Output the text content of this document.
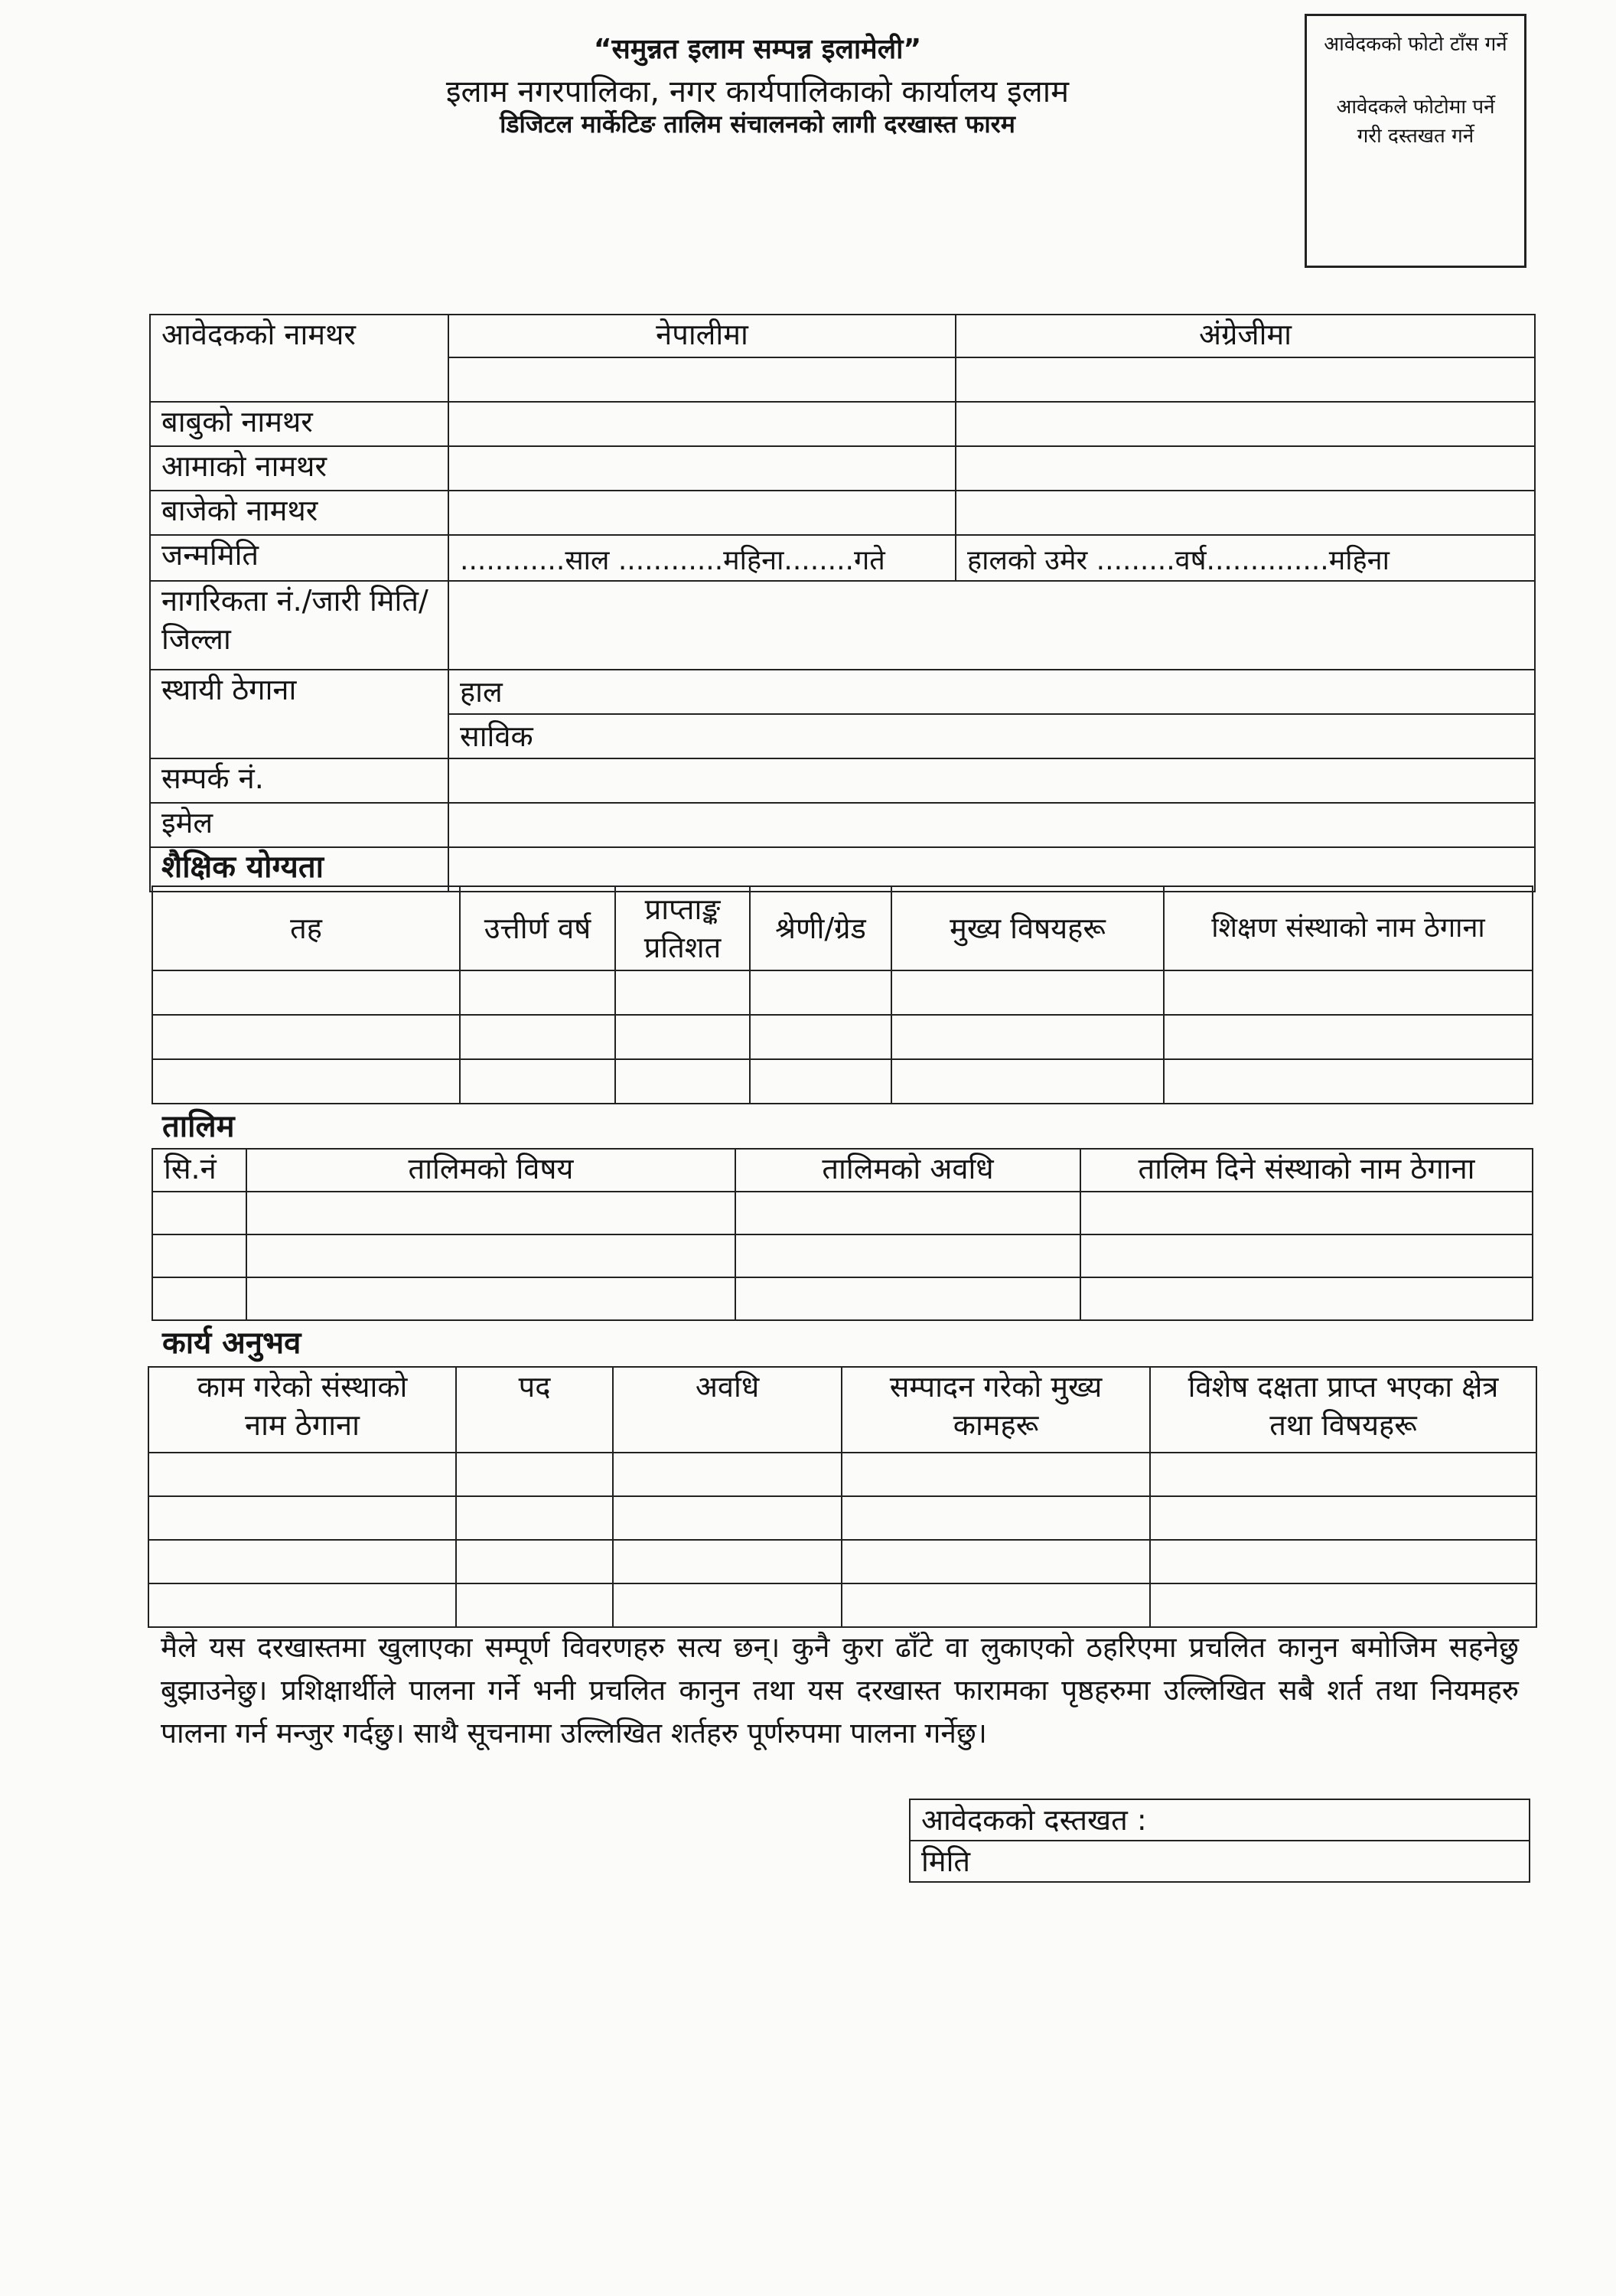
“समुन्नत इलाम सम्पन्न इलामेली”
इलाम नगरपालिका, नगर कार्यपालिकाको कार्यालय इलाम
डिजिटल मार्केटिङ तालिम संचालनको लागी दरखास्त फारम
आवेदकको फोटो टाँस गर्ने
आवेदकले फोटोमा पर्ने गरी दस्तखत गर्ने
आवेदकको नामथर	नेपालीमा	अंग्रेजीमा

बाबुको नामथर		
आमाको नामथर		
बाजेको नामथर		
जन्ममिति	............साल ............महिना........गते	हालको उमेर .........वर्ष..............महिना
नागरिकता नं./जारी मिति/जिल्ला		
स्थायी ठेगाना	हाल	
	साविक	
सम्पर्क नं.		
इमेल		
शैक्षिक योग्यता		
तह	उत्तीर्ण वर्ष	प्राप्ताङ्क प्रतिशत	श्रेणी/ग्रेड	मुख्य विषयहरू	शिक्षण संस्थाको नाम ठेगाना

तालिम
सि.नं	तालिमको विषय	तालिमको अवधि	तालिम दिने संस्थाको नाम ठेगाना

कार्य अनुभव
काम गरेको संस्थाको नाम ठेगाना	पद	अवधि	सम्पादन गरेको मुख्य कामहरू	विशेष दक्षता प्राप्त भएका क्षेत्र तथा विषयहरू

मैले यस दरखास्तमा खुलाएका सम्पूर्ण विवरणहरु सत्य छन्। कुनै कुरा ढाँटे वा लुकाएको ठहरिएमा प्रचलित कानुन बमोजिम सहनेछु बुझाउनेछु। प्रशिक्षार्थीले पालना गर्ने भनी प्रचलित कानुन तथा यस दरखास्त फारामका पृष्ठहरुमा उल्लिखित सबै शर्त तथा नियमहरु पालना गर्न मन्जुर गर्दछु। साथै सूचनामा उल्लिखित शर्तहरु पूर्णरुपमा पालना गर्नेछु।
आवेदकको दस्तखत :
मिति
